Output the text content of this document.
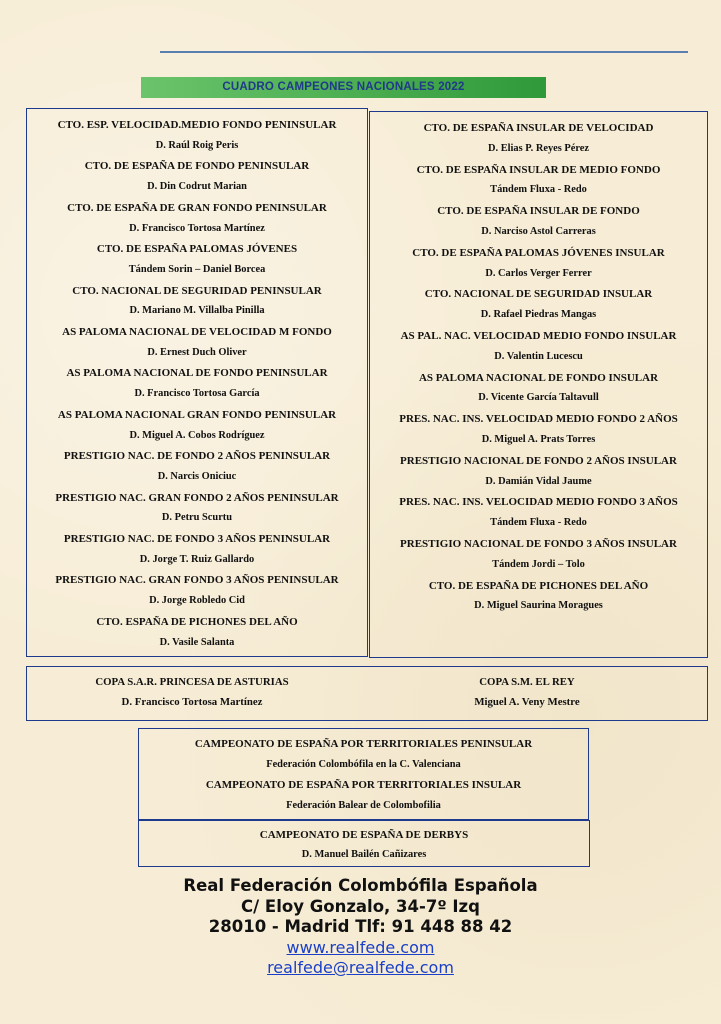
CUADRO CAMPEONES NACIONALES 2022
CTO. ESP. VELOCIDAD.MEDIO FONDO PENINSULAR
D. Raúl Roig Peris
CTO. DE ESPAÑA DE FONDO PENINSULAR
D. Din Codrut Marian
CTO. DE ESPAÑA DE GRAN FONDO PENINSULAR
D. Francisco Tortosa Martínez
CTO. DE ESPAÑA PALOMAS JÓVENES
Tándem Sorin – Daniel Borcea
CTO. NACIONAL DE SEGURIDAD PENINSULAR
D. Mariano M. Villalba Pinilla
AS PALOMA NACIONAL DE VELOCIDAD M FONDO
D. Ernest Duch Oliver
AS PALOMA NACIONAL DE FONDO PENINSULAR
D. Francisco Tortosa García
AS PALOMA NACIONAL GRAN FONDO PENINSULAR
D. Miguel A. Cobos Rodríguez
PRESTIGIO NAC. DE FONDO 2 AÑOS PENINSULAR
D. Narcis Oniciuc
PRESTIGIO NAC. GRAN FONDO 2 AÑOS PENINSULAR
D. Petru Scurtu
PRESTIGIO NAC. DE FONDO 3 AÑOS PENINSULAR
D. Jorge T. Ruiz Gallardo
PRESTIGIO NAC. GRAN FONDO 3 AÑOS PENINSULAR
D. Jorge Robledo Cid
CTO. ESPAÑA DE PICHONES DEL AÑO
D. Vasile Salanta
CTO. DE ESPAÑA INSULAR DE VELOCIDAD
D. Elias P. Reyes Pérez
CTO. DE ESPAÑA INSULAR DE MEDIO FONDO
Tándem Fluxa - Redo
CTO. DE ESPAÑA INSULAR DE FONDO
D. Narciso Astol Carreras
CTO. DE ESPAÑA PALOMAS JÓVENES INSULAR
D. Carlos Verger Ferrer
CTO. NACIONAL DE SEGURIDAD INSULAR
D. Rafael Piedras Mangas
AS PAL. NAC. VELOCIDAD MEDIO FONDO INSULAR
D. Valentin Lucescu
AS PALOMA NACIONAL DE FONDO INSULAR
D. Vicente García Taltavull
PRES. NAC. INS. VELOCIDAD MEDIO FONDO 2 AÑOS
D. Miguel A. Prats Torres
PRESTIGIO NACIONAL DE FONDO 2 AÑOS INSULAR
D. Damián Vidal Jaume
PRES. NAC. INS. VELOCIDAD MEDIO FONDO 3 AÑOS
Tándem Fluxa - Redo
PRESTIGIO NACIONAL DE FONDO 3 AÑOS INSULAR
Tándem Jordi – Tolo
CTO. DE ESPAÑA DE PICHONES DEL AÑO
D. Miguel Saurina Moragues
COPA S.A.R. PRINCESA DE ASTURIAS
D. Francisco Tortosa Martínez
COPA S.M. EL REY
Miguel A. Veny Mestre
CAMPEONATO DE ESPAÑA POR TERRITORIALES PENINSULAR
Federación Colombófila en la C. Valenciana
CAMPEONATO DE ESPAÑA POR TERRITORIALES INSULAR
Federación Balear de Colombofilia
CAMPEONATO DE ESPAÑA DE DERBYS
D. Manuel Bailén Cañizares
Real Federación Colombófila Española
C/ Eloy Gonzalo, 34-7º Izq
28010 - Madrid Tlf: 91 448 88 42
www.realfede.com
realfede@realfede.com
